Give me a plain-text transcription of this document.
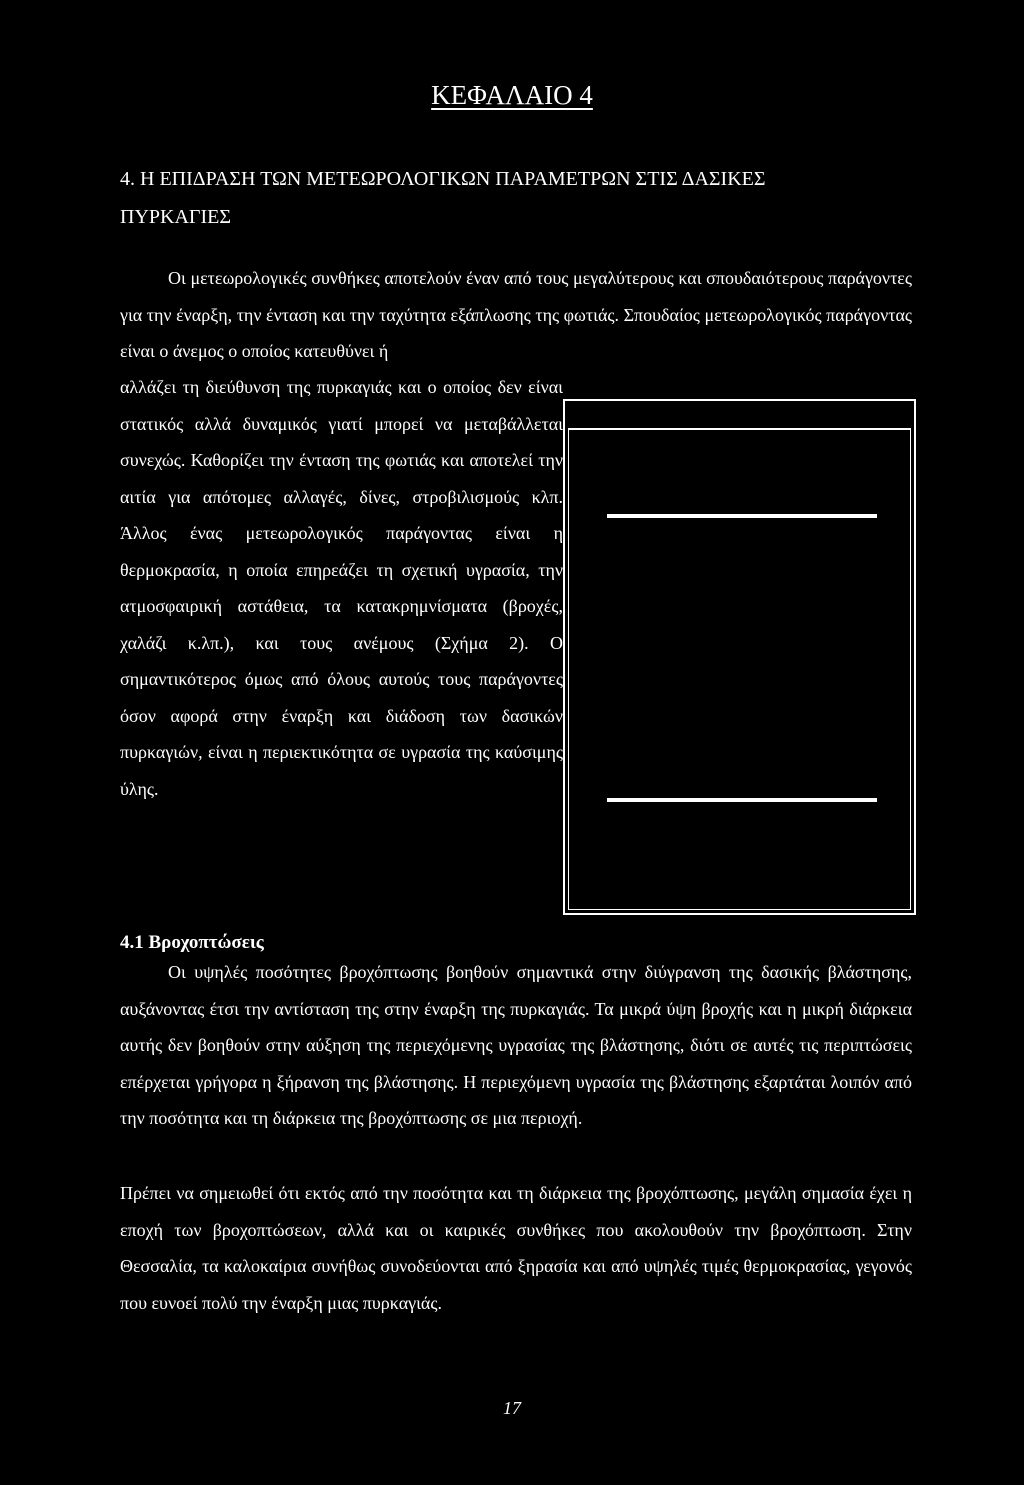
ΚΕΦΑΛΑΙΟ 4
4. Η ΕΠΙΔΡΑΣΗ ΤΩΝ ΜΕΤΕΩΡΟΛΟΓΙΚΩΝ ΠΑΡΑΜΕΤΡΩΝ ΣΤΙΣ ΔΑΣΙΚΕΣ
ΠΥΡΚΑΓΙΕΣ
Οι μετεωρολογικές συνθήκες αποτελούν έναν από τους μεγαλύτερους και σπουδαιότερους παράγοντες για την έναρξη, την ένταση και την ταχύτητα εξάπλωσης της φωτιάς. Σπουδαίος μετεωρολογικός παράγοντας είναι ο άνεμος ο οποίος κατευθύνει ή
αλλάζει τη διεύθυνση της πυρκαγιάς και ο οποίος δεν είναι στατικός αλλά δυναμικός γιατί μπορεί να μεταβάλλεται συνεχώς. Καθορίζει την ένταση της φωτιάς και αποτελεί την αιτία για απότομες αλλαγές, δίνες, στροβιλισμούς κλπ. Άλλος ένας μετεωρολογικός παράγοντας είναι η θερμοκρασία, η οποία επηρεάζει τη σχετική υγρασία, την ατμοσφαιρική αστάθεια, τα κατακρημνίσματα (βροχές, χαλάζι κ.λπ.), και τους ανέμους (Σχήμα 2). Ο σημαντικότερος όμως από όλους αυτούς τους παράγοντες όσον αφορά στην έναρξη και διάδοση των δασικών πυρκαγιών, είναι η περιεκτικότητα σε υγρασία της καύσιμης ύλης.
4.1 Βροχοπτώσεις
Οι υψηλές ποσότητες βροχόπτωσης βοηθούν σημαντικά στην διύγρανση της δασικής βλάστησης, αυξάνοντας έτσι την αντίσταση της στην έναρξη της πυρκαγιάς. Τα μικρά ύψη βροχής και η μικρή διάρκεια αυτής δεν βοηθούν στην αύξηση της περιεχόμενης υγρασίας της βλάστησης, διότι σε αυτές τις περιπτώσεις επέρχεται γρήγορα η ξήρανση της βλάστησης. Η περιεχόμενη υγρασία της βλάστησης εξαρτάται λοιπόν από την ποσότητα και τη διάρκεια της βροχόπτωσης σε μια περιοχή.
Πρέπει να σημειωθεί ότι εκτός από την ποσότητα και τη διάρκεια της βροχόπτωσης, μεγάλη σημασία έχει η εποχή των βροχοπτώσεων, αλλά και οι καιρικές συνθήκες που ακολουθούν την βροχόπτωση. Στην Θεσσαλία, τα καλοκαίρια συνήθως συνοδεύονται από ξηρασία και από υψηλές τιμές θερμοκρασίας, γεγονός που ευνοεί πολύ την έναρξη μιας πυρκαγιάς.
17
